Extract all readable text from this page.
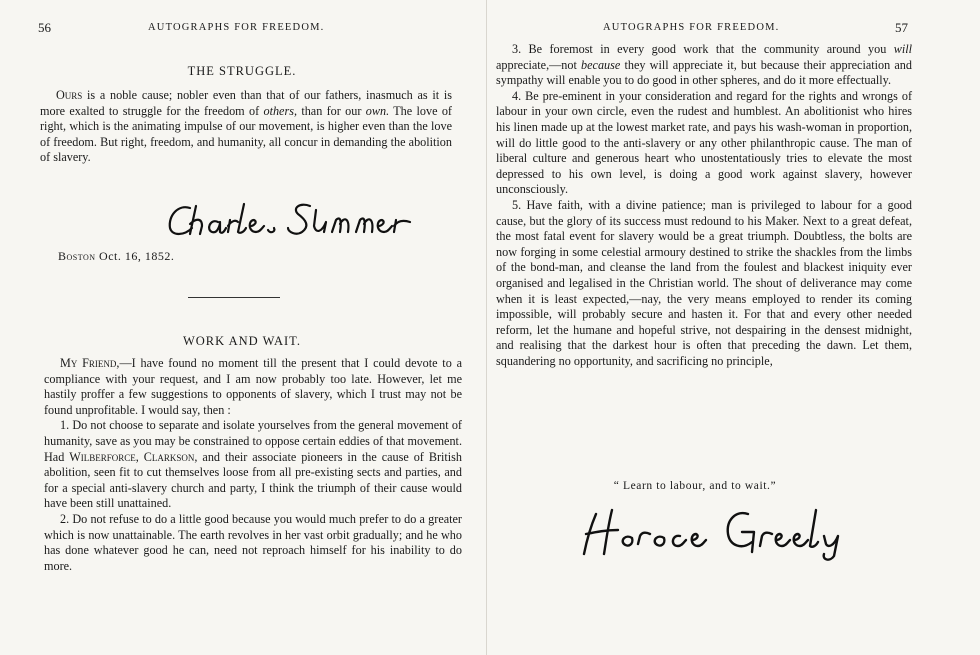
56	AUTOGRAPHS FOR FREEDOM.
THE STRUGGLE.

Ours is a noble cause; nobler even than that of our fathers, inasmuch as it is more exalted to struggle for the freedom of others, than for our own. The love of right, which is the animating impulse of our movement, is higher even than the love of freedom. But right, freedom, and humanity, all concur in demanding the abolition of slavery.

Boston Oct. 16, 1852.
WORK AND WAIT.

My Friend,—I have found no moment till the present that I could devote to a compliance with your request, and I am now probably too late. However, let me hastily proffer a few suggestions to opponents of slavery, which I trust may not be found unprofitable. I would say, then :

1. Do not choose to separate and isolate yourselves from the general movement of humanity, save as you may be constrained to oppose certain eddies of that movement. Had Wilberforce, Clarkson, and their associate pioneers in the cause of British abolition, seen fit to cut themselves loose from all pre-existing sects and parties, and for a special anti-slavery church and party, I think the triumph of their cause would have been still unattained.

2. Do not refuse to do a little good because you would much prefer to do a greater which is now unattainable. The earth revolves in her vast orbit gradually; and he who has done whatever good he can, need not reproach himself for his inability to do more.

AUTOGRAPHS FOR FREEDOM.	57

3. Be foremost in every good work that the community around you will appreciate,—not because they will appreciate it, but because their appreciation and sympathy will enable you to do good in other spheres, and do it more effectually.

4. Be pre-eminent in your consideration and regard for the rights and wrongs of labour in your own circle, even the rudest and humblest. An abolitionist who hires his linen made up at the lowest market rate, and pays his wash-woman in proportion, will do little good to the anti-slavery or any other philanthropic cause. The man of liberal culture and generous heart who unostentatiously tries to elevate the most depressed to his own level, is doing a good work against slavery, however unconsciously.

5. Have faith, with a divine patience; man is privileged to labour for a good cause, but the glory of its success must redound to his Maker. Next to a great defeat, the most fatal event for slavery would be a great triumph. Doubtless, the bolts are now forging in some celestial armoury destined to strike the shackles from the limbs of the bond-man, and cleanse the land from the foulest and blackest iniquity ever organised and legalised in the Christian world. The shout of deliverance may come when it is least expected,—nay, the very means employed to render its coming impossible, will probably secure and hasten it. For that and every other needed reform, let the humane and hopeful strive, not despairing in the densest midnight, and realising that the darkest hour is often that preceding the dawn. Let them, squandering no opportunity, and sacrificing no principle,

“ Learn to labour, and to wait.”
